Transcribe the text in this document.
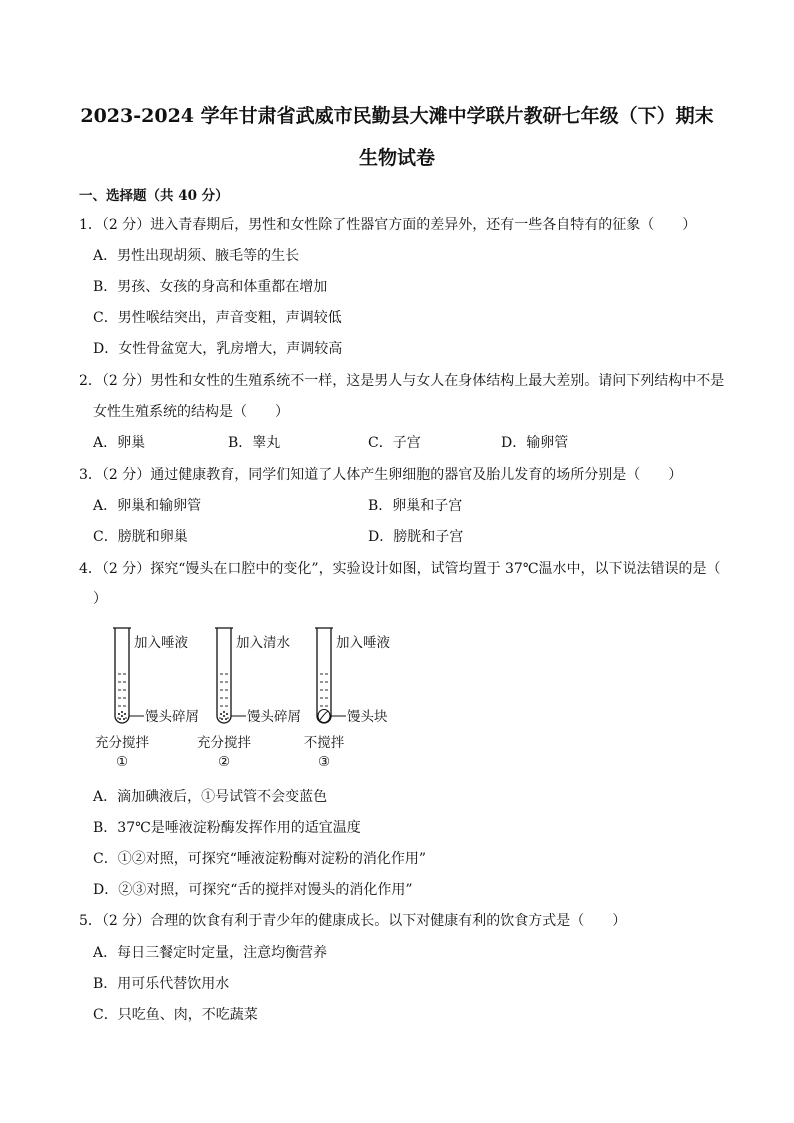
2023-2024 学年甘肃省武威市民勤县大滩中学联片教研七年级（下）期末
生物试卷
一、选择题（共 40 分）
1．（2 分）进入青春期后，男性和女性除了性器官方面的差异外，还有一些各自特有的征象（　　）
A．男性出现胡须、腋毛等的生长
B．男孩、女孩的身高和体重都在增加
C．男性喉结突出，声音变粗，声调较低
D．女性骨盆宽大，乳房增大，声调较高
2．（2 分）男性和女性的生殖系统不一样，这是男人与女人在身体结构上最大差别。请问下列结构中不是
女性生殖系统的结构是（　　）
A．卵巢	B．睾丸	C．子宫	D．输卵管
3．（2 分）通过健康教育，同学们知道了人体产生卵细胞的器官及胎儿发育的场所分别是（　　）
A．卵巢和输卵管	B．卵巢和子宫
C．膀胱和卵巢	D．膀胱和子宫
4．（2 分）探究“馒头在口腔中的变化”，实验设计如图，试管均置于 37℃温水中，以下说法错误的是（
）
加入唾液	加入清水	加入唾液
馒头碎屑	馒头碎屑	馒头块
充分搅拌	充分搅拌	不搅拌
①	②	③
A．滴加碘液后，①号试管不会变蓝色
B．37℃是唾液淀粉酶发挥作用的适宜温度
C．①②对照，可探究“唾液淀粉酶对淀粉的消化作用”
D．②③对照，可探究“舌的搅拌对馒头的消化作用”
5．（2 分）合理的饮食有利于青少年的健康成长。以下对健康有利的饮食方式是（　　）
A．每日三餐定时定量，注意均衡营养
B．用可乐代替饮用水
C．只吃鱼、肉，不吃蔬菜
